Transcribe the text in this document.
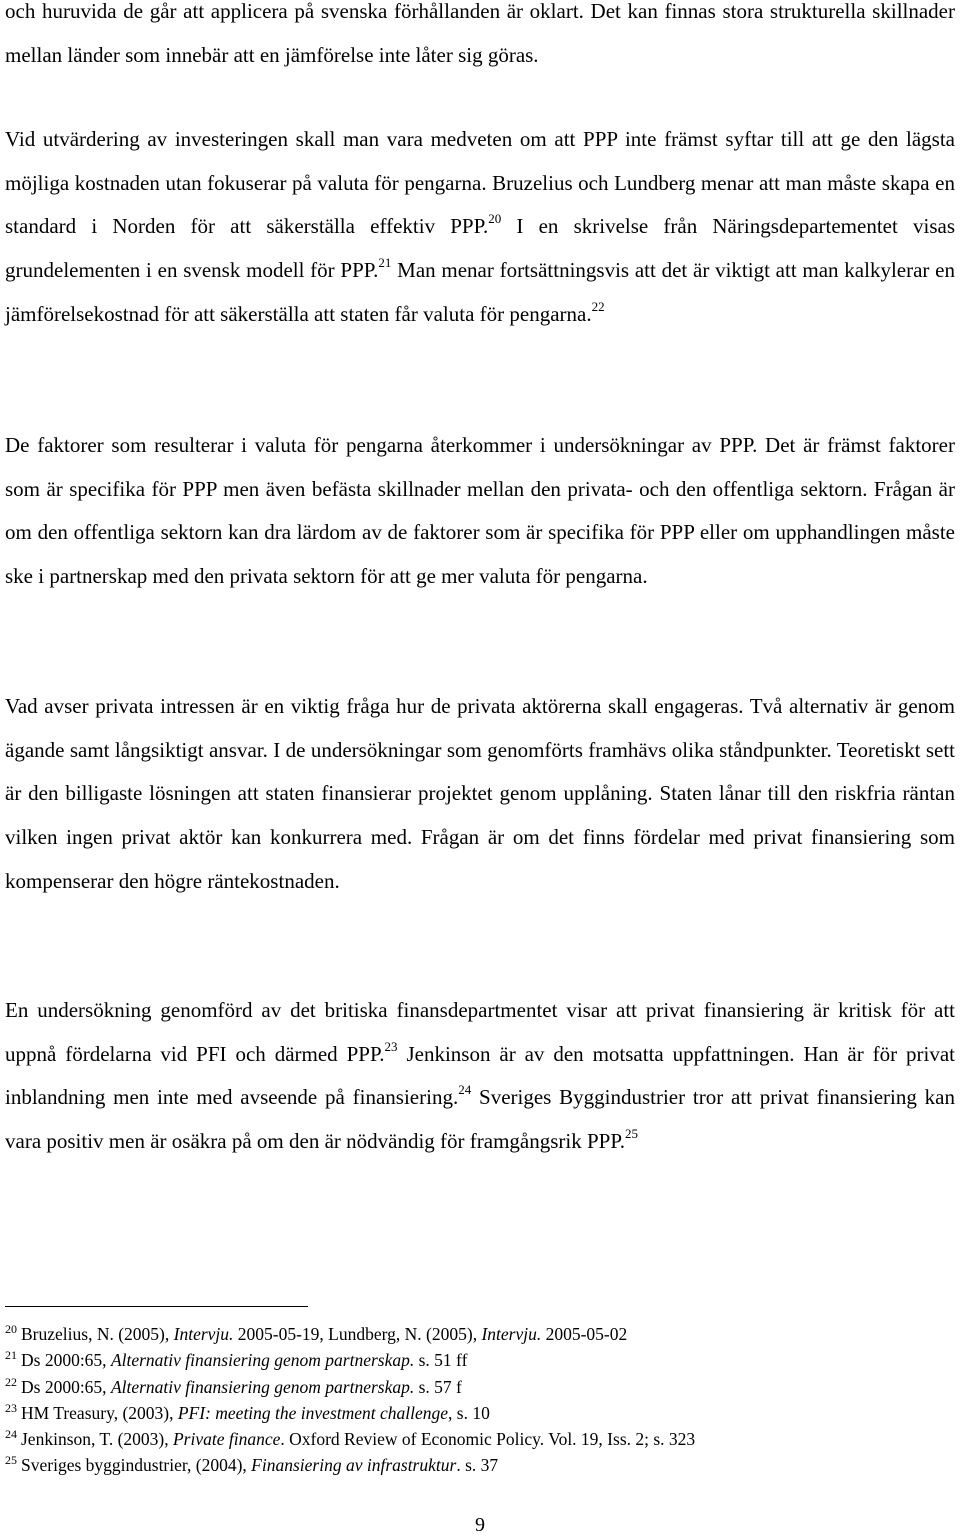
och huruvida de går att applicera på svenska förhållanden är oklart. Det kan finnas stora strukturella skillnader mellan länder som innebär att en jämförelse inte låter sig göras.

Vid utvärdering av investeringen skall man vara medveten om att PPP inte främst syftar till att ge den lägsta möjliga kostnaden utan fokuserar på valuta för pengarna. Bruzelius och Lundberg menar att man måste skapa en standard i Norden för att säkerställa effektiv PPP.$^{20}$ I en skrivelse från Näringsdepartementet visas grundelementen i en svensk modell för PPP.$^{21}$ Man menar fortsättningsvis att det är viktigt att man kalkylerar en jämförelsekostnad för att säkerställa att staten får valuta för pengarna.$^{22}$

De faktorer som resulterar i valuta för pengarna återkommer i undersökningar av PPP. Det är främst faktorer som är specifika för PPP men även befästa skillnader mellan den privata- och den offentliga sektorn. Frågan är om den offentliga sektorn kan dra lärdom av de faktorer som är specifika för PPP eller om upphandlingen måste ske i partnerskap med den privata sektorn för att ge mer valuta för pengarna.

Vad avser privata intressen är en viktig fråga hur de privata aktörerna skall engageras. Två alternativ är genom ägande samt långsiktigt ansvar. I de undersökningar som genomförts framhävs olika ståndpunkter. Teoretiskt sett är den billigaste lösningen att staten finansierar projektet genom upplåning. Staten lånar till den riskfria räntan vilken ingen privat aktör kan konkurrera med. Frågan är om det finns fördelar med privat finansiering som kompenserar den högre räntekostnaden.

En undersökning genomförd av det britiska finansdepartmentet visar att privat finansiering är kritisk för att uppnå fördelarna vid PFI och därmed PPP.$^{23}$ Jenkinson är av den motsatta uppfattningen. Han är för privat inblandning men inte med avseende på finansiering.$^{24}$ Sveriges Byggindustrier tror att privat finansiering kan vara positiv men är osäkra på om den är nödvändig för framgångsrik PPP.$^{25}$

$^{20}$ Bruzelius, N. (2005), Intervju. 2005-05-19, Lundberg, N. (2005), Intervju. 2005-05-02
$^{21}$ Ds 2000:65, Alternativ finansiering genom partnerskap. s. 51 ff
$^{22}$ Ds 2000:65, Alternativ finansiering genom partnerskap. s. 57 f
$^{23}$ HM Treasury, (2003), PFI: meeting the investment challenge, s. 10
$^{24}$ Jenkinson, T. (2003), Private finance. Oxford Review of Economic Policy. Vol. 19, Iss. 2; s. 323
$^{25}$ Sveriges byggindustrier, (2004), Finansiering av infrastruktur. s. 37
9
